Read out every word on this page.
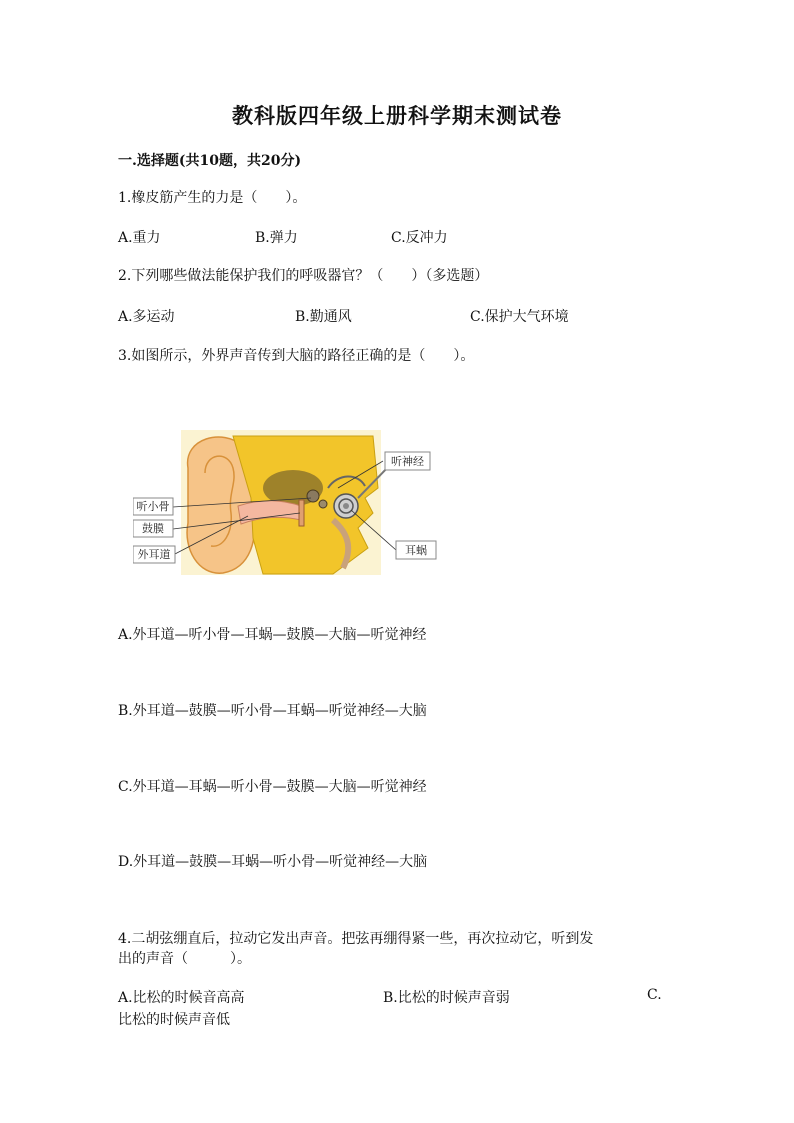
教科版四年级上册科学期末测试卷
一.选择题(共10题，共20分)
1.橡皮筋产生的力是（　　）。
A.重力	B.弹力	C.反冲力
2.下列哪些做法能保护我们的呼吸器官？（　　）（多选题）
A.多运动	B.勤通风	C.保护大气环境
3.如图所示，外界声音传到大脑的路径正确的是（　　）。
听神经
听小骨
鼓膜
外耳道	耳蜗
A.外耳道—听小骨—耳蜗—鼓膜—大脑—听觉神经
B.外耳道—鼓膜—听小骨—耳蜗—听觉神经—大脑
C.外耳道—耳蜗—听小骨—鼓膜—大脑—听觉神经
D.外耳道—鼓膜—耳蜗—听小骨—听觉神经—大脑
4.二胡弦绷直后，拉动它发出声音。把弦再绷得紧一些，再次拉动它，听到发
出的声音（　　　）。
A.比松的时候音高高	B.比松的时候声音弱	C.
比松的时候声音低
